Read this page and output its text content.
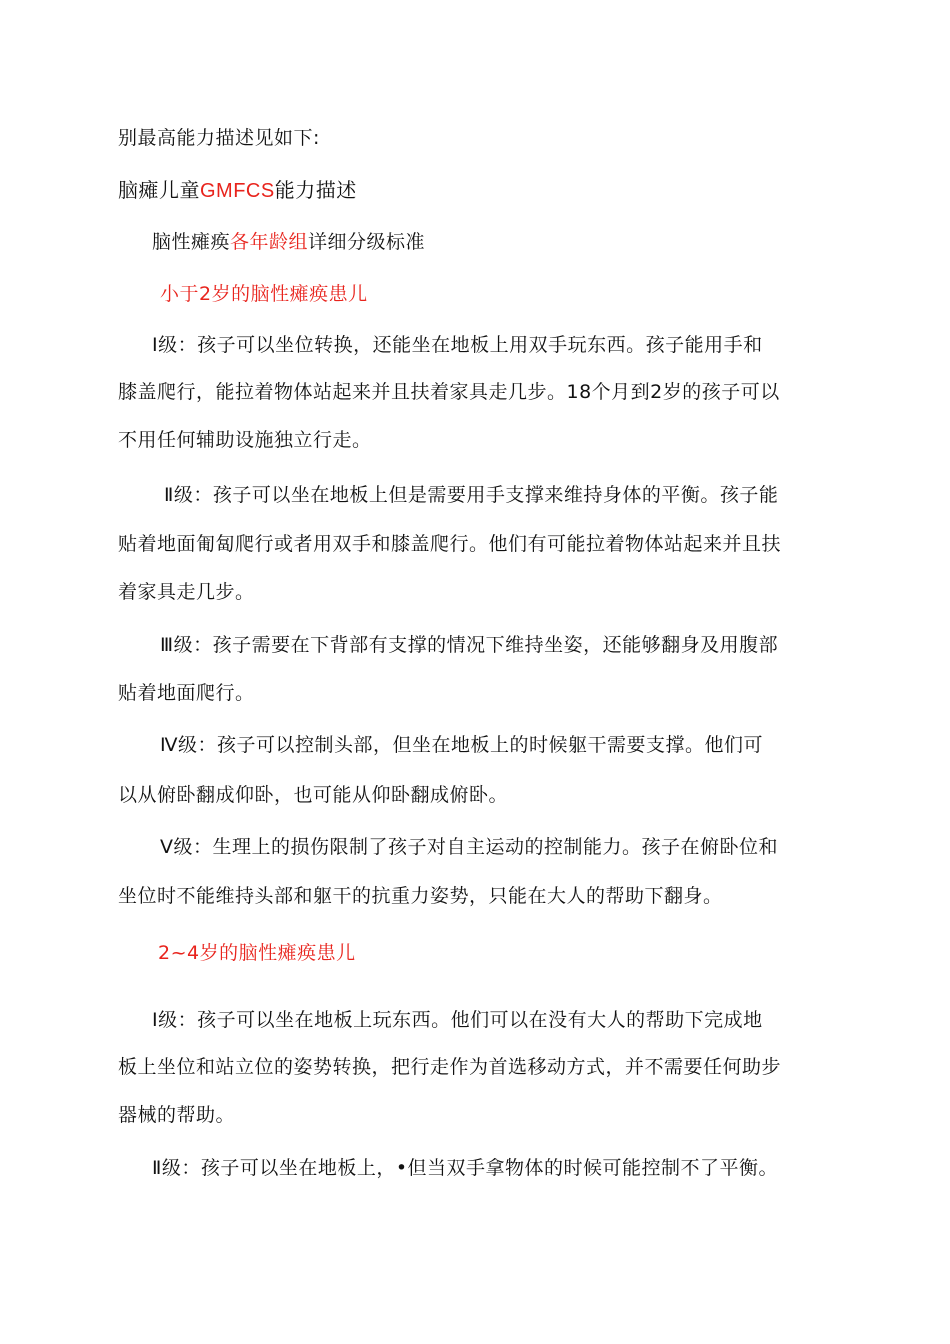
别最高能力描述见如下:
脑瘫儿童GMFCS能力描述
脑性瘫痪各年龄组详细分级标准
小于2岁的脑性瘫痪患儿
Ⅰ级：孩子可以坐位转换，还能坐在地板上用双手玩东西。孩子能用手和
膝盖爬行，能拉着物体站起来并且扶着家具走几步。18个月到2岁的孩子可以
不用任何辅助设施独立行走。
Ⅱ级：孩子可以坐在地板上但是需要用手支撑来维持身体的平衡。孩子能
贴着地面匍匐爬行或者用双手和膝盖爬行。他们有可能拉着物体站起来并且扶
着家具走几步。
Ⅲ级：孩子需要在下背部有支撑的情况下维持坐姿，还能够翻身及用腹部
贴着地面爬行。
Ⅳ级：孩子可以控制头部，但坐在地板上的时候躯干需要支撑。他们可
以从俯卧翻成仰卧，也可能从仰卧翻成俯卧。
Ⅴ级：生理上的损伤限制了孩子对自主运动的控制能力。孩子在俯卧位和
坐位时不能维持头部和躯干的抗重力姿势，只能在大人的帮助下翻身。
2~4岁的脑性瘫痪患儿
Ⅰ级：孩子可以坐在地板上玩东西。他们可以在没有大人的帮助下完成地
板上坐位和站立位的姿势转换，把行走作为首选移动方式，并不需要任何助步
器械的帮助。
Ⅱ级：孩子可以坐在地板上，•但当双手拿物体的时候可能控制不了平衡。
